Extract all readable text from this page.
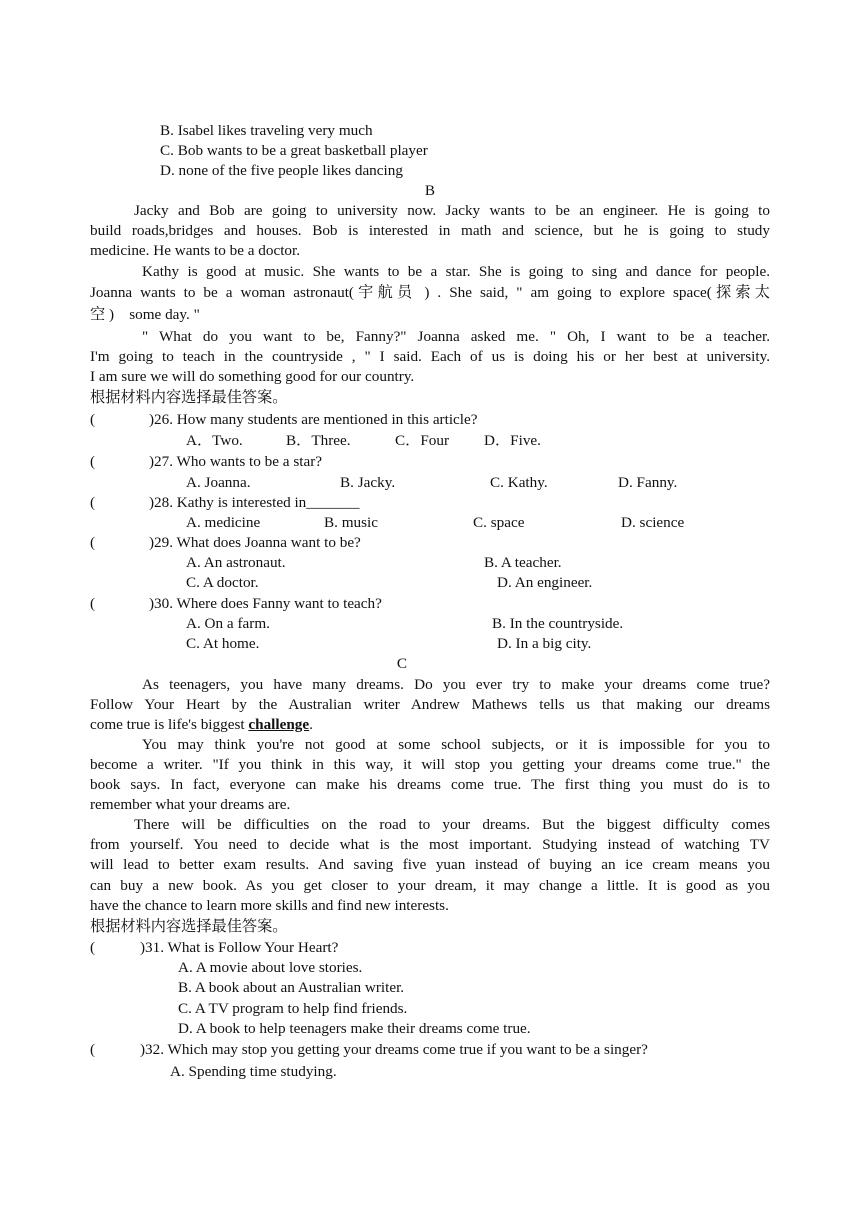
B. Isabel likes traveling very much
C. Bob wants to be a great basketball player
D. none of the five people likes dancing
B
Jacky and Bob are going to university now. Jacky wants to be an engineer. He is going to
build roads,bridges and houses. Bob is interested in math and science, but he is going to study
medicine. He wants to be a doctor.
Kathy is good at music. She wants to be a star. She is going to sing and dance for people.
Joanna wants to be a woman astronaut(宇航员 ) . She said, " am going to explore space(探索太
空 )    some day. "
" What do you want to be, Fanny?" Joanna asked me. " Oh, I want to be a teacher.
I'm going to teach in the countryside , " I said. Each of us is doing his or her best at university.
I am sure we will do something good for our country.
根据材料内容选择最佳答案。
(	) 26. How many students are mentioned in this article?
A．Two.	B．Three.	C．Four D．Five.
(	) 27. Who wants to be a star?
A. Joanna.	B. Jacky.	C. Kathy.	D. Fanny.
(	) 28. Kathy is interested in_______
A. medicine	B. music	C. space	D. science
(	) 29. What does Joanna want to be?
A. An astronaut.	B. A teacher.
C. A doctor.	D. An engineer.
(	) 30. Where does Fanny want to teach?
A. On a farm.	B. In the countryside.
C. At home.	D. In a big city.
C
As teenagers, you have many dreams. Do you ever try to make your dreams come true?
Follow Your Heart by the Australian writer Andrew Mathews tells us that making our dreams
come true is life's biggest challenge.
You may think you're not good at some school subjects, or it is impossible for you to
become a writer. "If you think in this way, it will stop you getting your dreams come true." the
book says. In fact, everyone can make his dreams come true. The first thing you must do is to
remember what your dreams are.
There will be difficulties on the road to your dreams. But the biggest difficulty comes
from yourself. You need to decide what is the most important. Studying instead of watching TV
will lead to better exam results. And saving five yuan instead of buying an ice cream means you
can buy a new book. As you get closer to your dream, it may change a little. It is good as you
have the chance to learn more skills and find new interests.
根据材料内容选择最佳答案。
(	) 31. What is Follow Your Heart?
A. A movie about love stories.
B. A book about an Australian writer.
C. A TV program to help find friends.
D. A book to help teenagers make their dreams come true.
(	) 32. Which may stop you getting your dreams come true if you want to be a singer?
A. Spending time studying.
